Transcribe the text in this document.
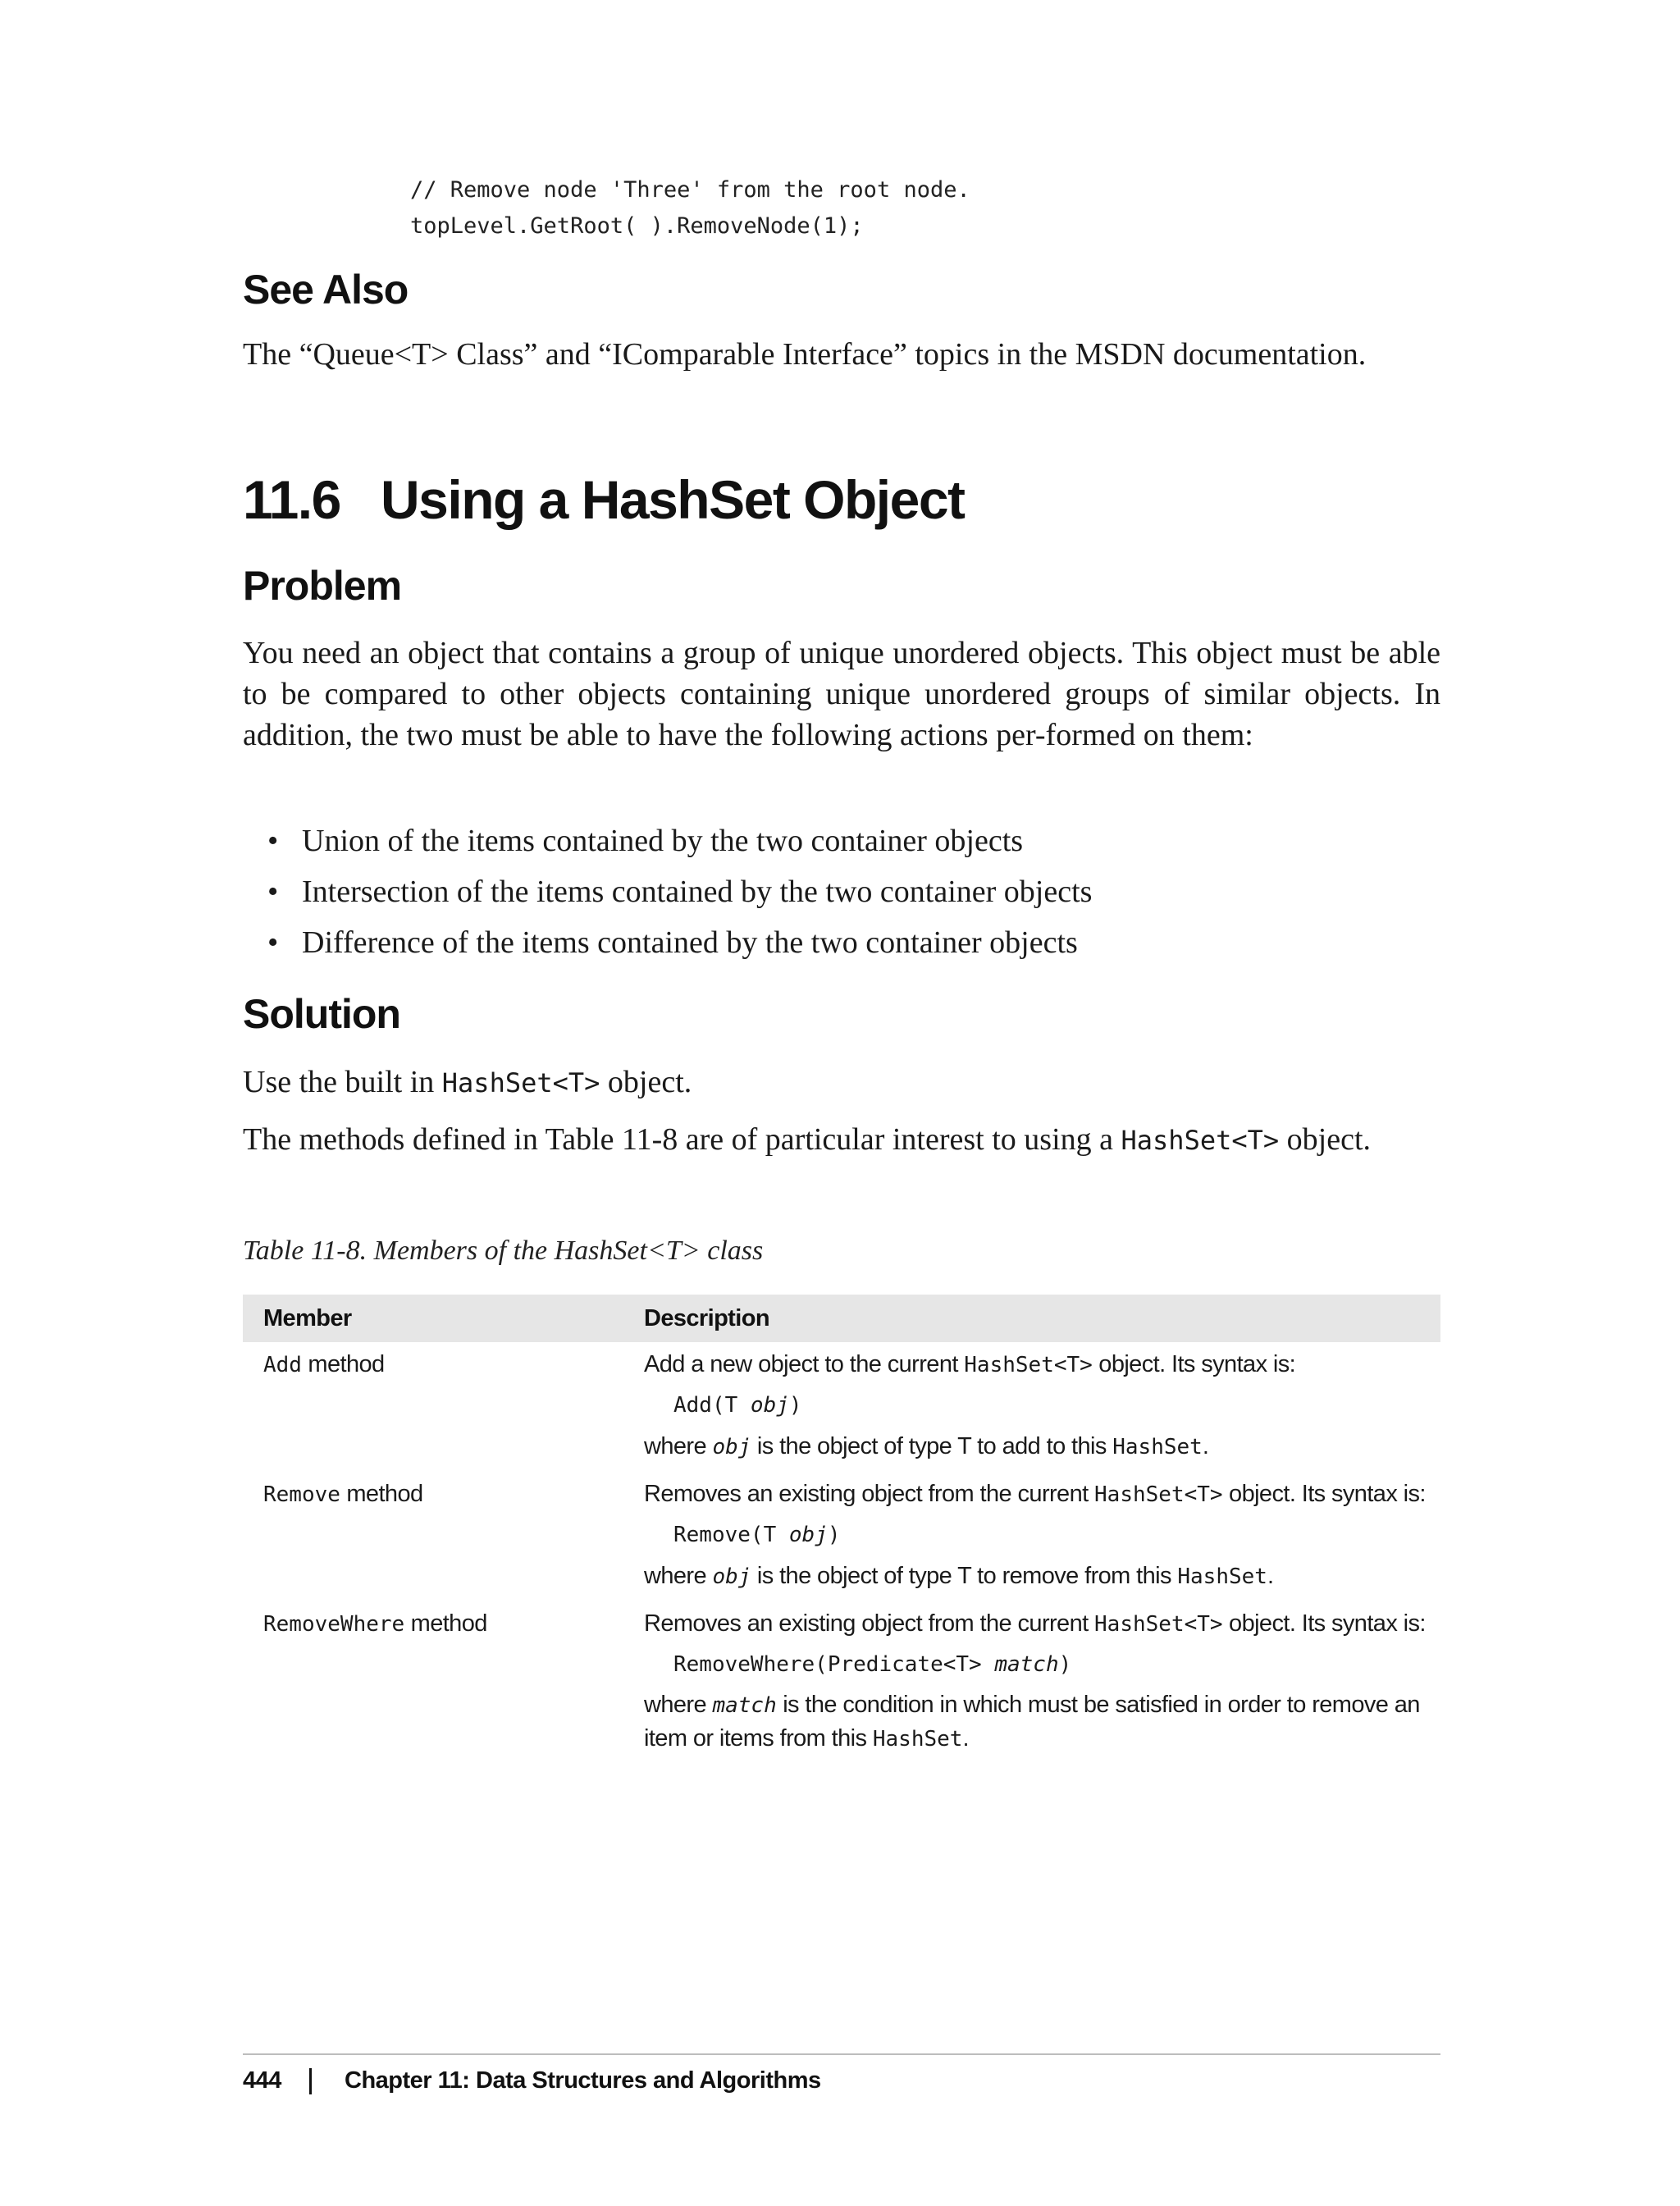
// Remove node 'Three' from the root node.
topLevel.GetRoot( ).RemoveNode(1);
See Also

The “Queue<T> Class” and “IComparable Interface” topics in the MSDN documentation.

11.6 Using a HashSet Object
Problem

You need an object that contains a group of unique unordered objects. This object must be able to be compared to other objects containing unique unordered groups of similar objects. In addition, the two must be able to have the following actions per-formed on them:

• Union of the items contained by the two container objects
• Intersection of the items contained by the two container objects
• Difference of the items contained by the two container objects
Solution

Use the built in HashSet<T> object.

The methods defined in Table 11-8 are of particular interest to using a HashSet<T> object.

Table 11-8. Members of the HashSet<T> class

Member	Description
Add method	Add a new object to the current HashSet<T> object. Its syntax is:
Add(T obj)
where obj is the object of type T to add to this HashSet.
Remove method	Removes an existing object from the current HashSet<T> object. Its syntax is:
Remove(T obj)
where obj is the object of type T to remove from this HashSet.
RemoveWhere method	Removes an existing object from the current HashSet<T> object. Its syntax is:
RemoveWhere(Predicate<T> match)
where match is the condition in which must be satisfied in order to remove an item or items from this HashSet.
444	Chapter 11: Data Structures and Algorithms
